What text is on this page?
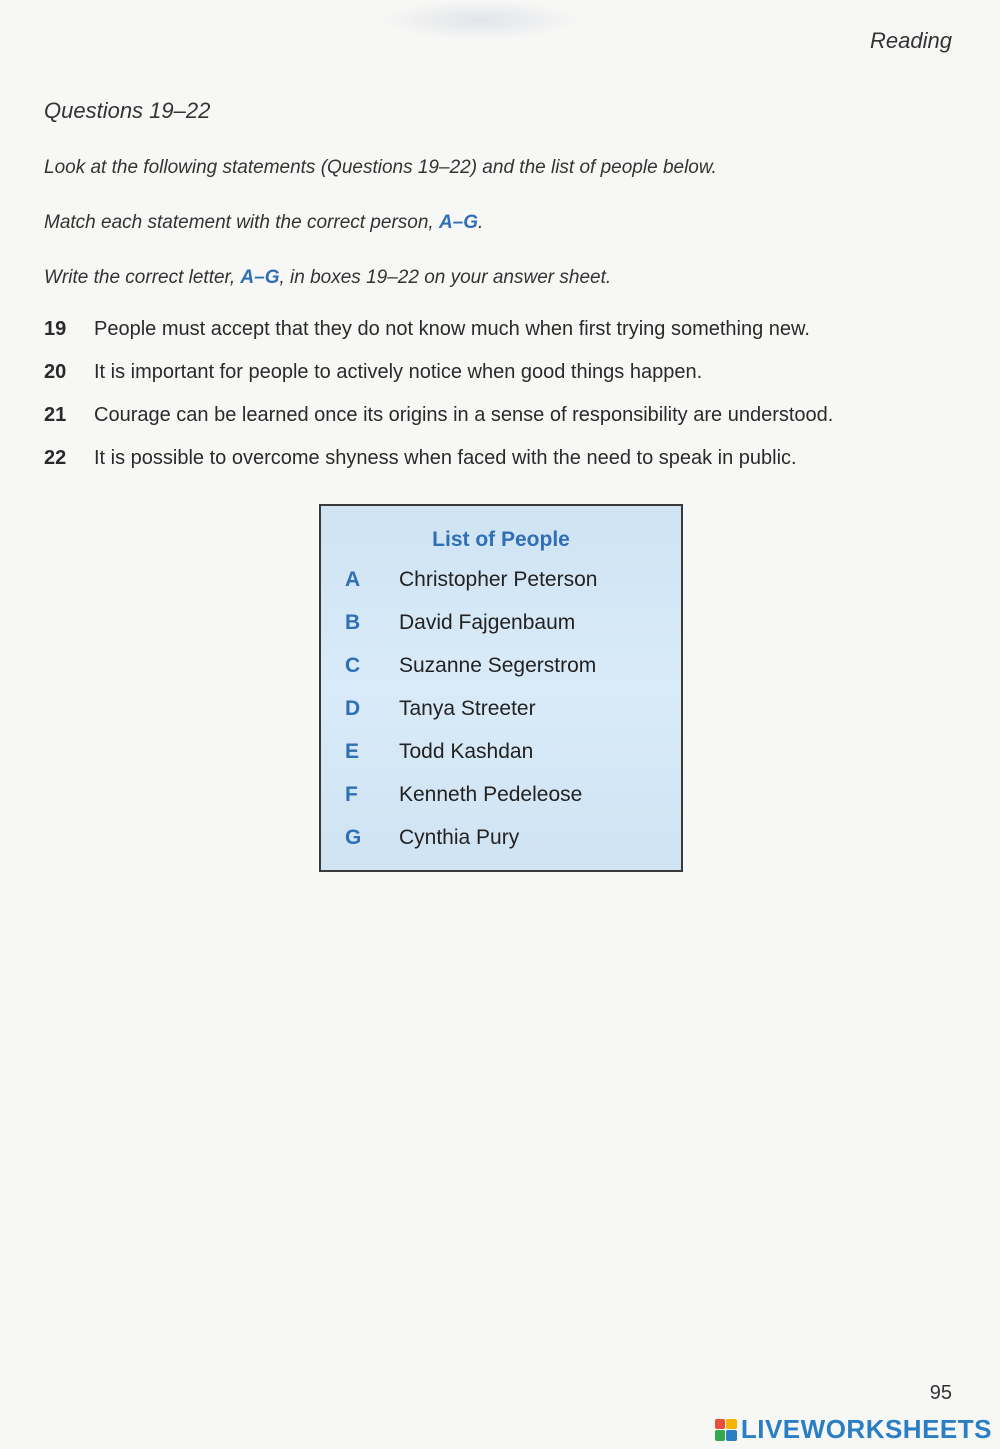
Reading
Questions 19–22
Look at the following statements (Questions 19–22) and the list of people below.
Match each statement with the correct person, A–G.
Write the correct letter, A–G, in boxes 19–22 on your answer sheet.
19	People must accept that they do not know much when first trying something new.
20	It is important for people to actively notice when good things happen.
21	Courage can be learned once its origins in a sense of responsibility are understood.
22	It is possible to overcome shyness when faced with the need to speak in public.
List of People
A	Christopher Peterson
B	David Fajgenbaum
C	Suzanne Segerstrom
D	Tanya Streeter
E	Todd Kashdan
F	Kenneth Pedeleose
G	Cynthia Pury
95
LIVEWORKSHEETS
